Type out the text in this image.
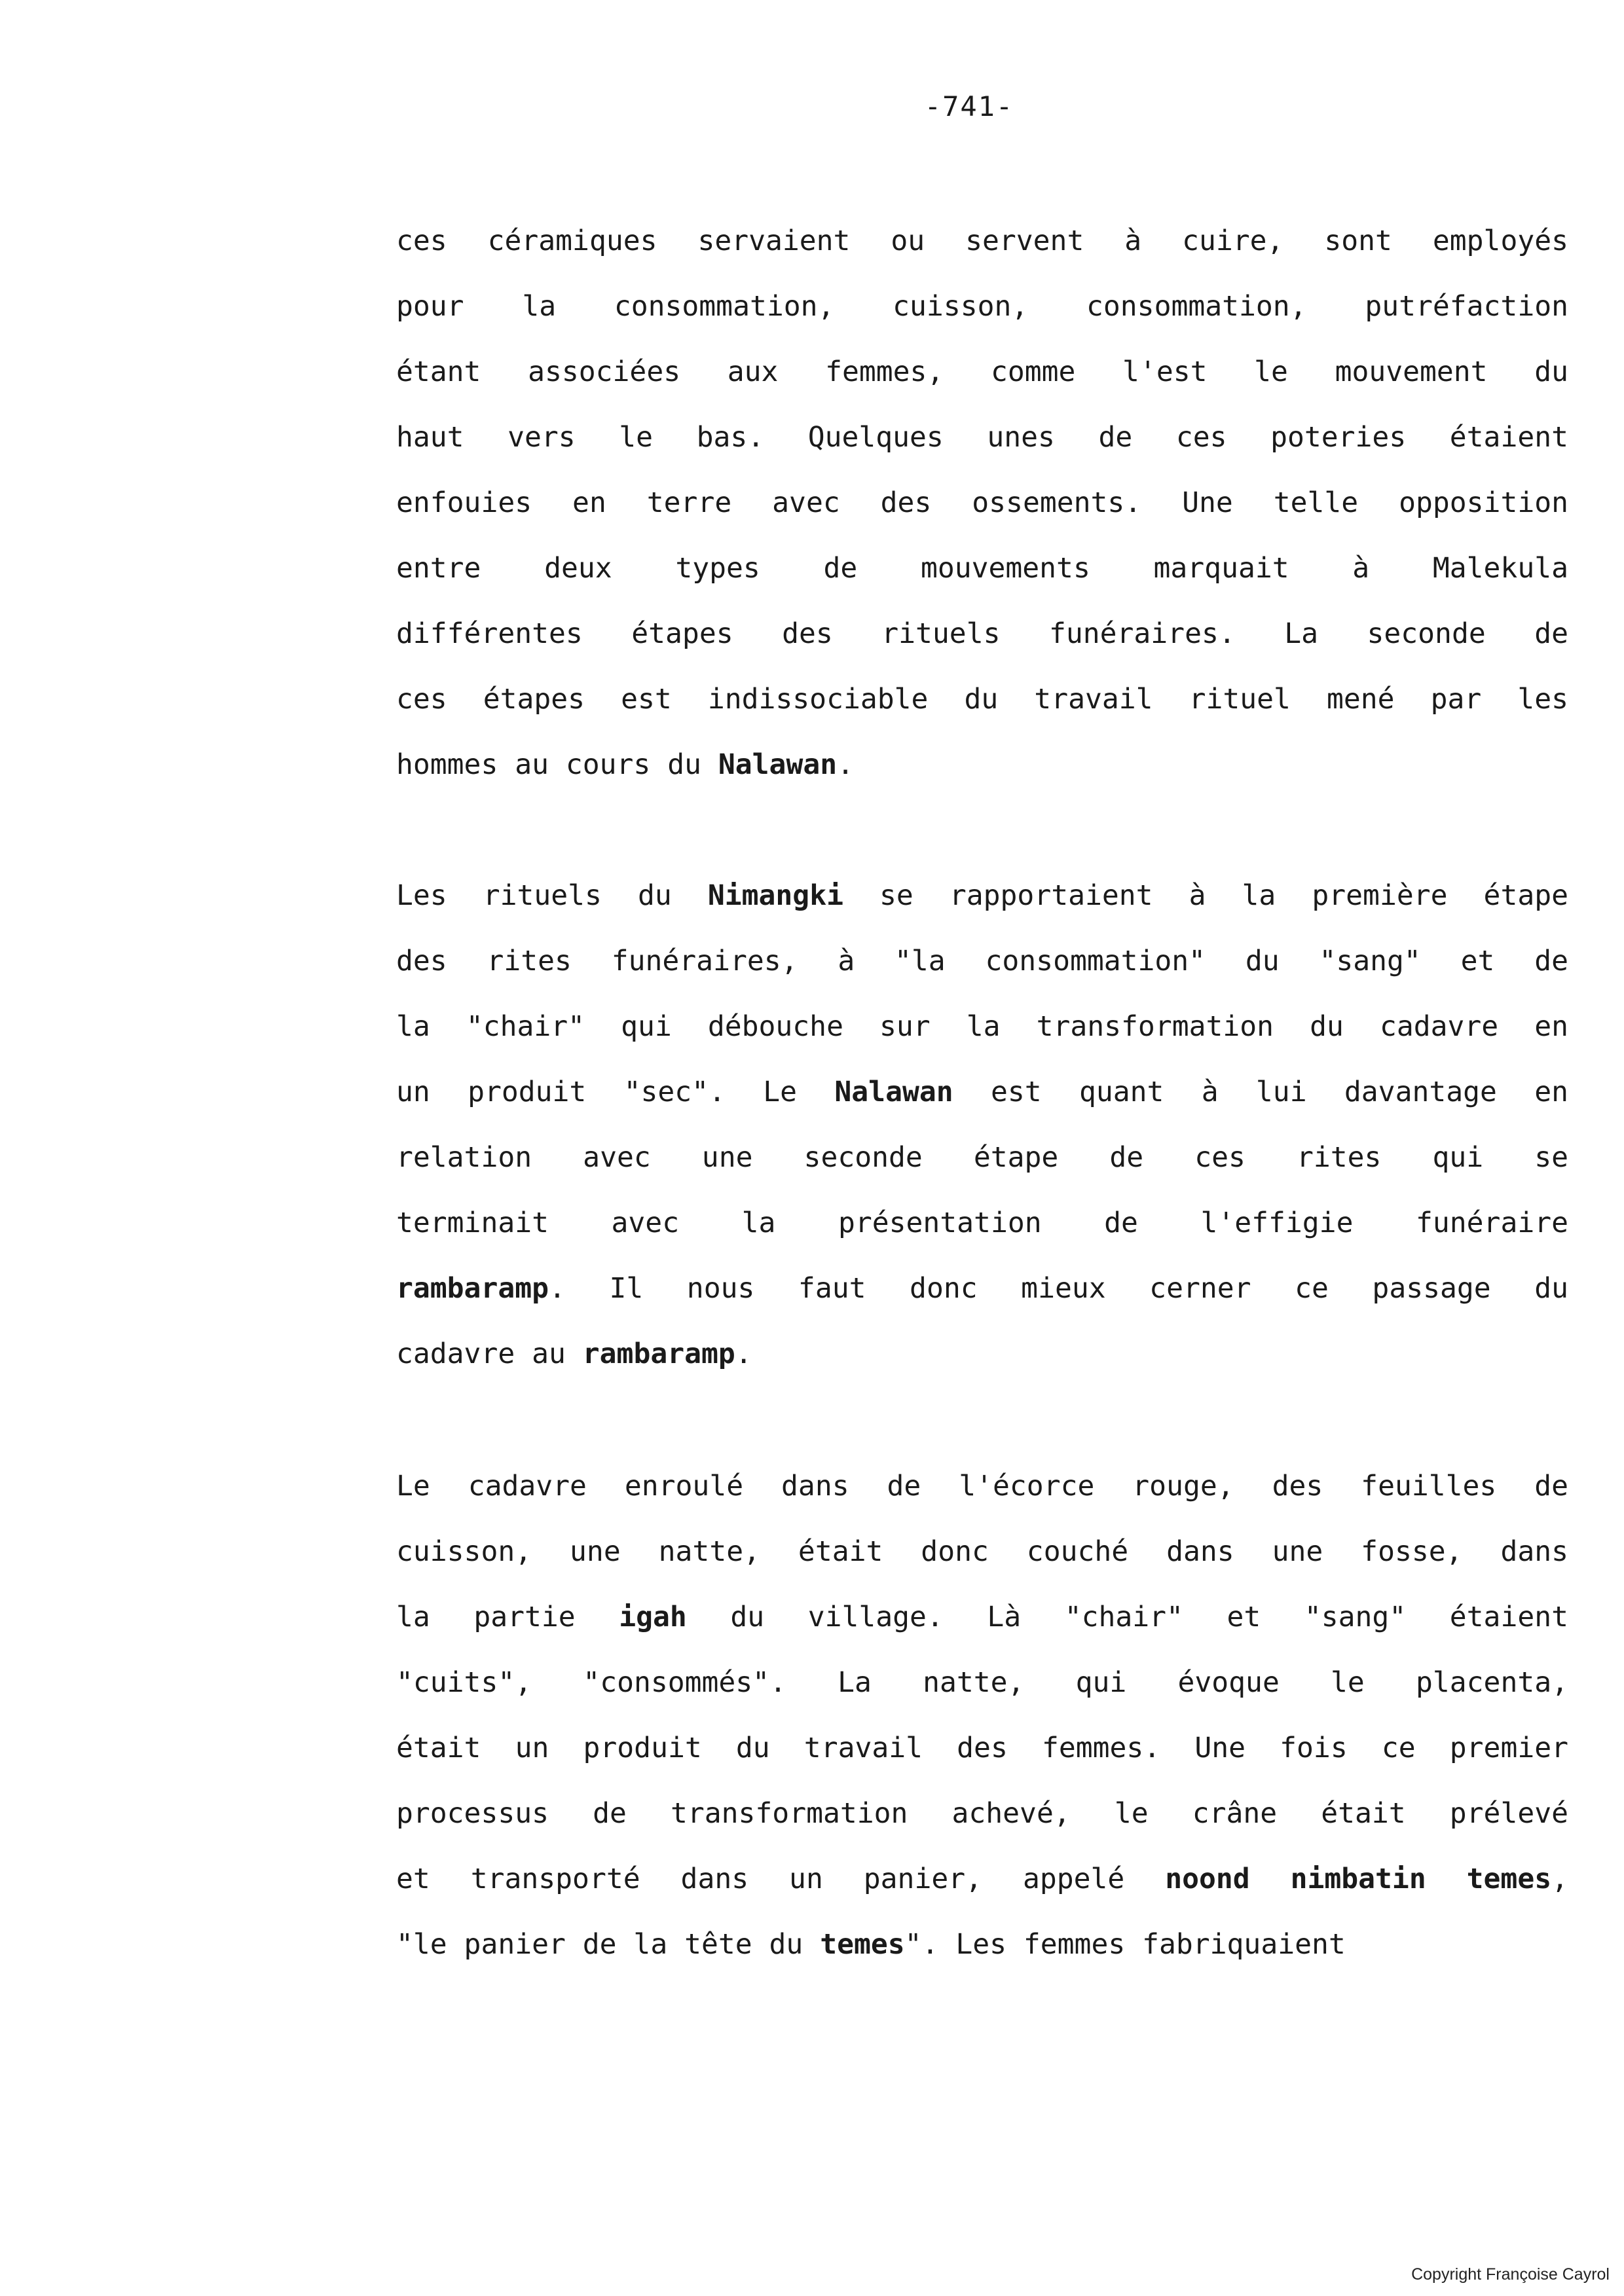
-741-
ces céramiques servaient ou servent à cuire, sont employés
pour la consommation, cuisson, consommation, putréfaction
étant associées aux femmes, comme l'est le mouvement du
haut vers le bas. Quelques unes de ces poteries étaient
enfouies en terre avec des ossements. Une telle opposition
entre deux types de mouvements marquait à Malekula
différentes étapes des rituels funéraires. La seconde de
ces étapes est indissociable du travail rituel mené par les
hommes au cours du Nalawan.
Les rituels du Nimangki se rapportaient à la première étape
des rites funéraires, à "la consommation" du "sang" et de
la "chair" qui débouche sur la transformation du cadavre en
un produit "sec". Le Nalawan est quant à lui davantage en
relation avec une seconde étape de ces rites qui se
terminait avec la présentation de l'effigie funéraire
rambaramp. Il nous faut donc mieux cerner ce passage du
cadavre au rambaramp.
Le cadavre enroulé dans de l'écorce rouge, des feuilles de
cuisson, une natte, était donc couché dans une fosse, dans
la partie igah du village. Là "chair" et "sang" étaient
"cuits", "consommés". La natte, qui évoque le placenta,
était un produit du travail des femmes. Une fois ce premier
processus de transformation achevé, le crâne était prélevé
et transporté dans un panier, appelé noond nimbatin temes,
"le panier de la tête du temes". Les femmes fabriquaient
Copyright Françoise Cayrol
